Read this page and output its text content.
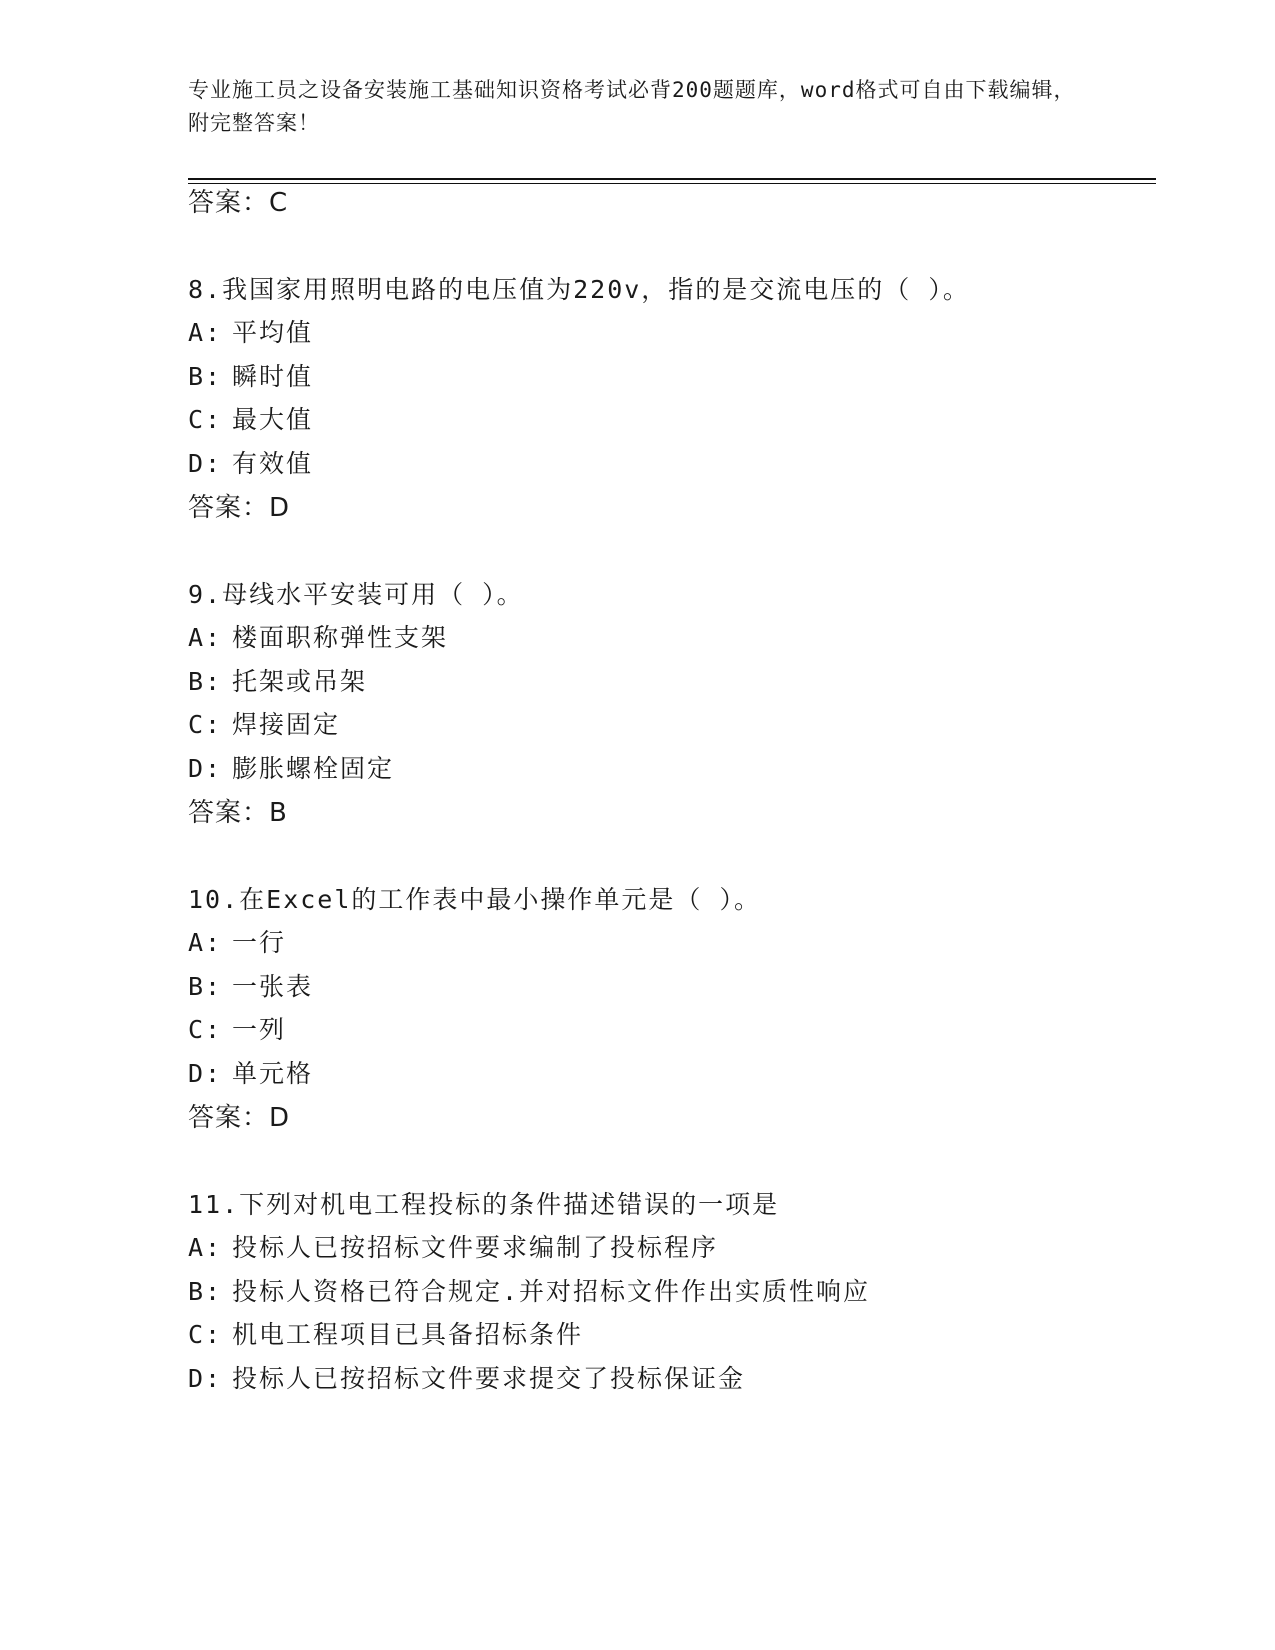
专业施工员之设备安装施工基础知识资格考试必背200题题库，word格式可自由下载编辑，附完整答案！
答案：C
8.我国家用照明电路的电压值为220v，指的是交流电压的（ ）。
A: 平均值
B: 瞬时值
C: 最大值
D: 有效值
答案：D
9.母线水平安装可用（ ）。
A: 楼面职称弹性支架
B: 托架或吊架
C: 焊接固定
D: 膨胀螺栓固定
答案：B
10.在Excel的工作表中最小操作单元是（ ）。
A: 一行
B: 一张表
C: 一列
D: 单元格
答案：D
11.下列对机电工程投标的条件描述错误的一项是
A: 投标人已按招标文件要求编制了投标程序
B: 投标人资格已符合规定.并对招标文件作出实质性响应
C: 机电工程项目已具备招标条件
D: 投标人已按招标文件要求提交了投标保证金
